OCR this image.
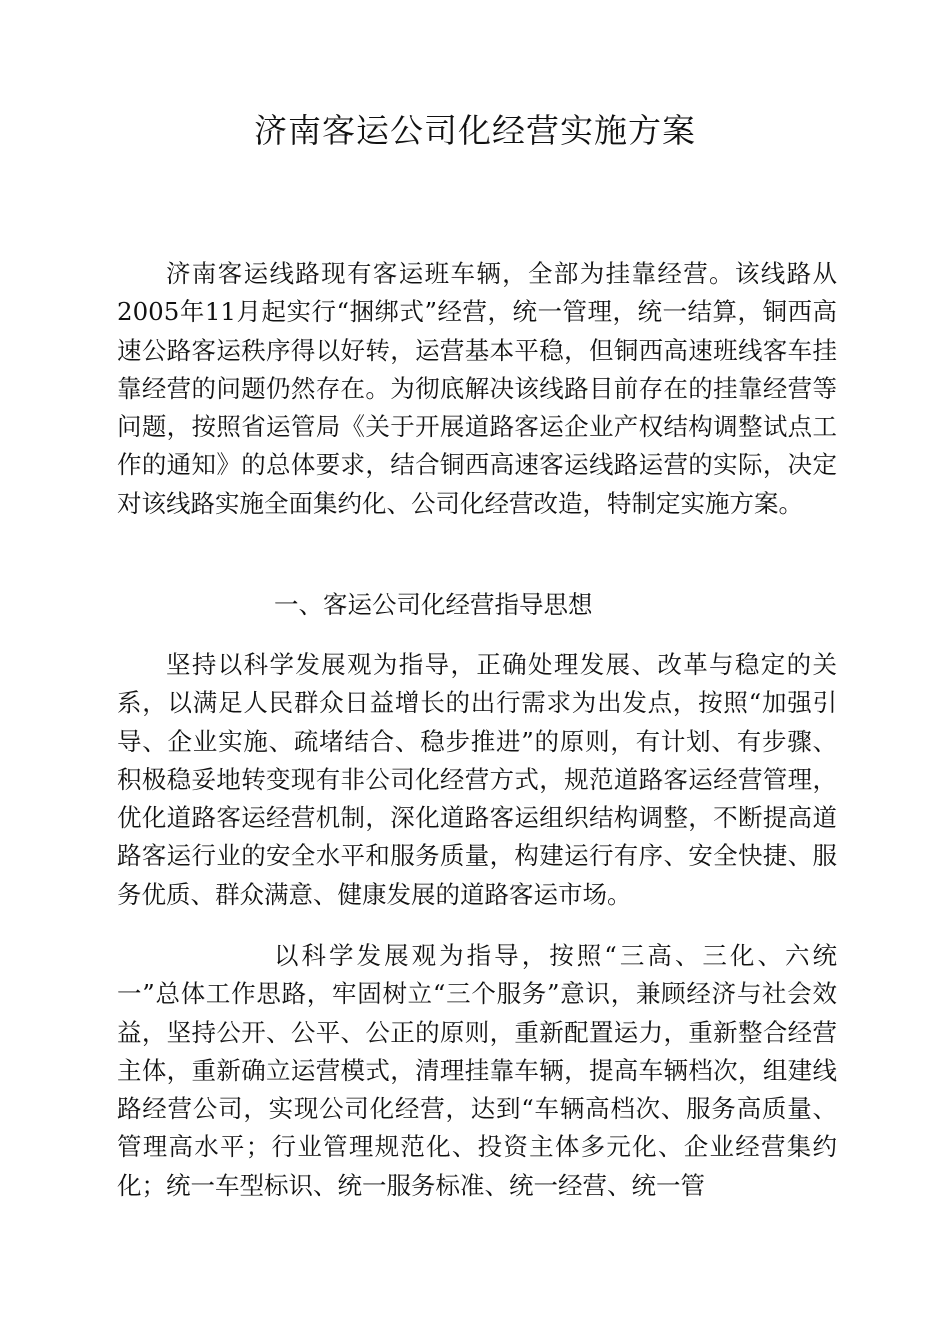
济南客运公司化经营实施方案

济南客运线路现有客运班车辆，全部为挂靠经营。该线路从2005年11月起实行“捆绑式”经营，统一管理，统一结算，铜西高速公路客运秩序得以好转，运营基本平稳，但铜西高速班线客车挂靠经营的问题仍然存在。为彻底解决该线路目前存在的挂靠经营等问题，按照省运管局《关于开展道路客运企业产权结构调整试点工作的通知》的总体要求，结合铜西高速客运线路运营的实际，决定对该线路实施全面集约化、公司化经营改造，特制定实施方案。

一、客运公司化经营指导思想

坚持以科学发展观为指导，正确处理发展、改革与稳定的关系，以满足人民群众日益增长的出行需求为出发点，按照“加强引导、企业实施、疏堵结合、稳步推进”的原则，有计划、有步骤、积极稳妥地转变现有非公司化经营方式，规范道路客运经营管理，优化道路客运经营机制，深化道路客运组织结构调整，不断提高道路客运行业的安全水平和服务质量，构建运行有序、安全快捷、服务优质、群众满意、健康发展的道路客运市场。

以科学发展观为指导，按照“三高、三化、六统一”总体工作思路，牢固树立“三个服务”意识，兼顾经济与社会效益，坚持公开、公平、公正的原则，重新配置运力，重新整合经营主体，重新确立运营模式，清理挂靠车辆，提高车辆档次，组建线路经营公司，实现公司化经营，达到“车辆高档次、服务高质量、管理高水平；行业管理规范化、投资主体多元化、企业经营集约化；统一车型标识、统一服务标准、统一经营、统一管
